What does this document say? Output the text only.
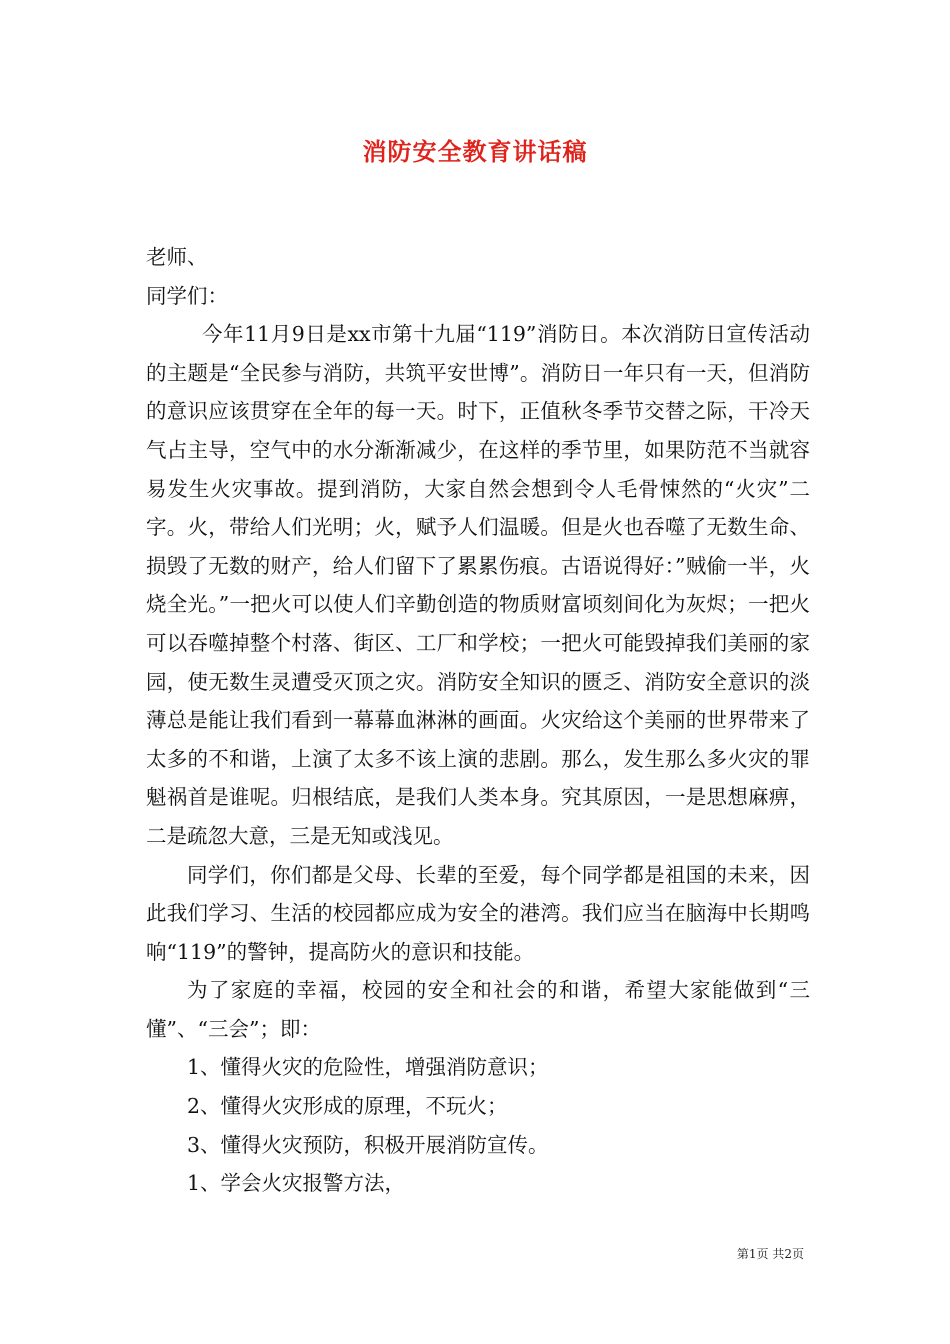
消防安全教育讲话稿

老师、

同学们：

今年11月9日是xx市第十九届“119”消防日。本次消防日宣传活动的主题是“全民参与消防，共筑平安世博”。消防日一年只有一天，但消防的意识应该贯穿在全年的每一天。时下，正值秋冬季节交替之际，干冷天气占主导，空气中的水分渐渐减少，在这样的季节里，如果防范不当就容易发生火灾事故。提到消防，大家自然会想到令人毛骨悚然的“火灾”二字。火，带给人们光明；火，赋予人们温暖。但是火也吞噬了无数生命、损毁了无数的财产，给人们留下了累累伤痕。古语说得好：”贼偷一半，火烧全光。”一把火可以使人们辛勤创造的物质财富顷刻间化为灰烬；一把火可以吞噬掉整个村落、街区、工厂和学校；一把火可能毁掉我们美丽的家园，使无数生灵遭受灭顶之灾。消防安全知识的匮乏、消防安全意识的淡薄总是能让我们看到一幕幕血淋淋的画面。火灾给这个美丽的世界带来了太多的不和谐，上演了太多不该上演的悲剧。那么，发生那么多火灾的罪魁祸首是谁呢。归根结底，是我们人类本身。究其原因，一是思想麻痹，二是疏忽大意，三是无知或浅见。

同学们，你们都是父母、长辈的至爱，每个同学都是祖国的未来，因此我们学习、生活的校园都应成为安全的港湾。我们应当在脑海中长期鸣响“119”的警钟，提高防火的意识和技能。

为了家庭的幸福，校园的安全和社会的和谐，希望大家能做到“三懂”、“三会”；即：

1、懂得火灾的危险性，增强消防意识；

2、懂得火灾形成的原理，不玩火；

3、懂得火灾预防，积极开展消防宣传。

1、学会火灾报警方法，

第1页 共2页
